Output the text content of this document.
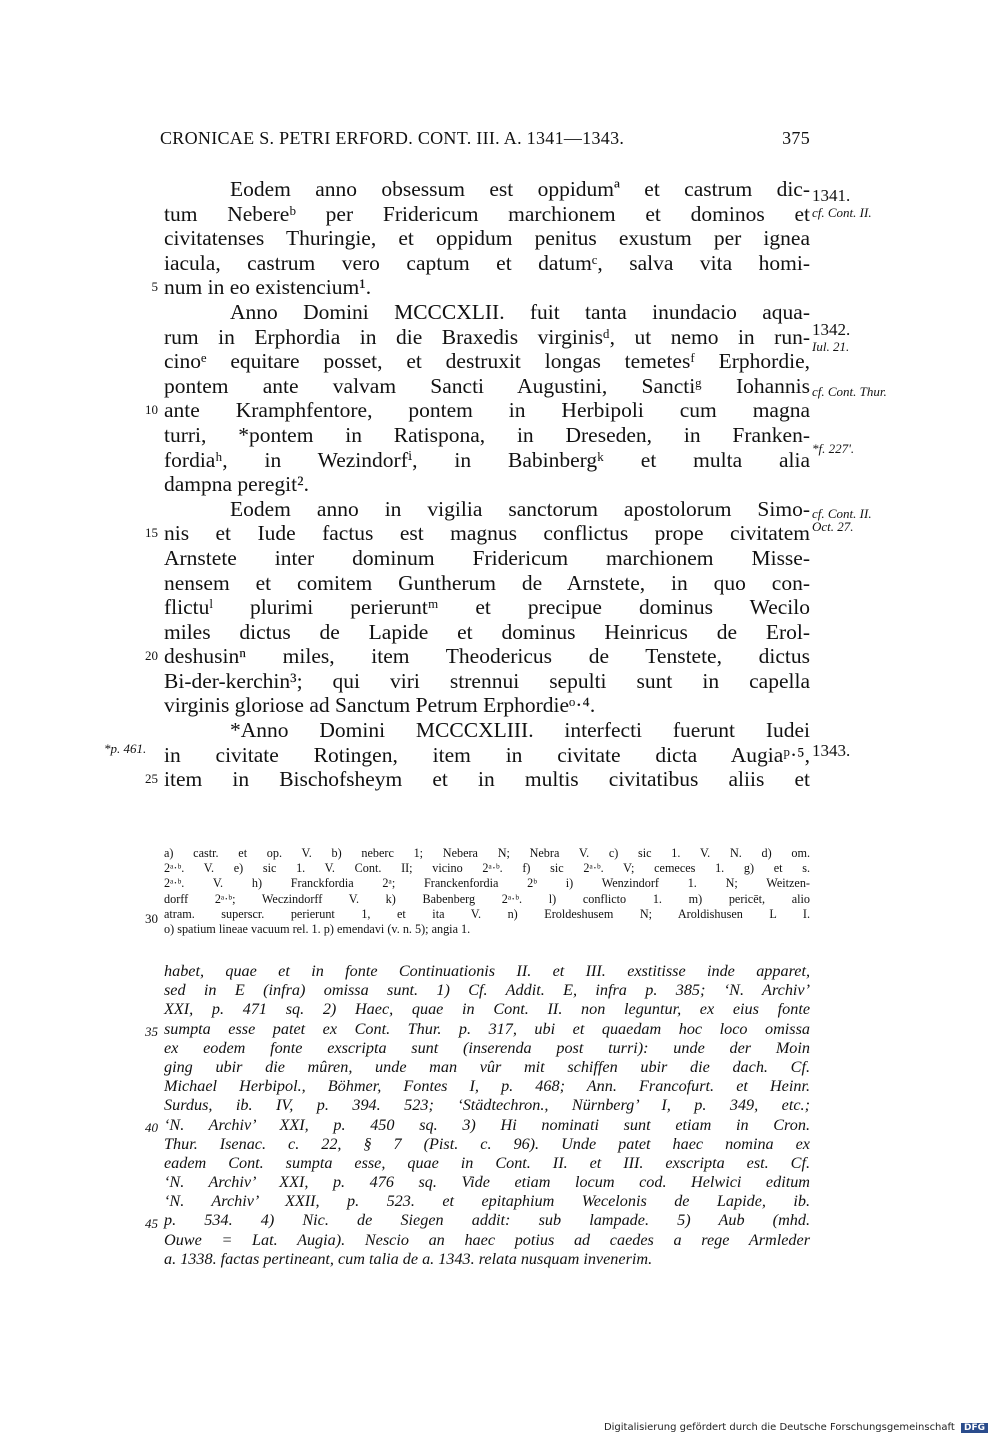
CRONICAE S. PETRI ERFORD. CONT. III. A. 1341—1343.	375
Eodem anno obsessum est oppidumª et castrum dic-
tum Nebereᵇ per Fridericum marchionem et dominos et
civitatenses Thuringie, et oppidum penitus exustum per ignea
iacula, castrum vero captum et datumᶜ, salva vita homi-
num in eo existencium¹.
5
Anno Domini MCCCXLII. fuit tanta inundacio aqua-
rum in Erphordia in die Braxedis virginisᵈ, ut nemo in run-
cinoᵉ equitare posset, et destruxit longas temetesᶠ Erphordie,
pontem ante valvam Sancti Augustini, Sanctiᵍ Iohannis
ante Kramphfentore, pontem in Herbipoli cum magna
10
turri, *pontem in Ratispona, in Dreseden, in Franken-
fordiaʰ, in Wezindorfⁱ, in Babinbergᵏ et multa alia
dampna peregit².
Eodem anno in vigilia sanctorum apostolorum Simo-
nis et Iude factus est magnus conflictus prope civitatem
15
Arnstete inter dominum Fridericum marchionem Misse-
nensem et comitem Guntherum de Arnstete, in quo con-
flictuˡ plurimi perieruntᵐ et precipue dominus Wecilo
miles dictus de Lapide et dominus Heinricus de Erol-
deshusinⁿ miles, item Theodericus de Tenstete, dictus
20
Bi-der-kerchin³; qui viri strennui sepulti sunt in capella
virginis gloriose ad Sanctum Petrum Erphordieᵒ·⁴.
*Anno Domini MCCCXLIII. interfecti fuerunt Iudei
in civitate Rotingen, item in civitate dicta Augiaᵖ·⁵,
item in Bischofsheym et in multis civitatibus aliis et
25
*p. 461.
1341.
cf. Cont. II.
1342.
Iul. 21.
cf. Cont. Thur.
*f. 227'.
cf. Cont. II. Oct. 27.
1343.
a) castr. et op. V. b) neberc 1; Nebera N; Nebra V. c) sic 1. V. N. d) om.
2ᵃ·ᵇ. V. e) sic 1. V. Cont. II; vicino 2ᵃ·ᵇ. f) sic 2ᵃ·ᵇ. V; cemeces 1. g) et s.
2ᵃ·ᵇ. V. h) Franckfordia 2ᵃ; Franckenfordia 2ᵇ i) Wenzindorf 1. N; Weitzen-
dorff 2ᵃ·ᵇ; Weczindorff V. k) Babenberg 2ᵃ·ᵇ. l) conflicto 1. m) pericēt, alio
atram. superscr. perierunt 1, et ita V. n) Eroldeshusem N; Aroldishusen L I.
30
o) spatium lineae vacuum rel. 1. p) emendavi (v. n. 5); angia 1.
habet, quae et in fonte Continuationis II. et III. exstitisse inde apparet,
sed in E (infra) omissa sunt. 1) Cf. Addit. E, infra p. 385; ‘N. Archiv’
XXI, p. 471 sq. 2) Haec, quae in Cont. II. non leguntur, ex eius fonte
sumpta esse patet ex Cont. Thur. p. 317, ubi et quaedam hoc loco omissa
35
ex eodem fonte exscripta sunt (inserenda post turri): unde der Moin
ging ubir die mûren, unde man vûr mit schiffen ubir die dach. Cf.
Michael Herbipol., Böhmer, Fontes I, p. 468; Ann. Francofurt. et Heinr.
Surdus, ib. IV, p. 394. 523; ‘Städtechron., Nürnberg’ I, p. 349, etc.;
‘N. Archiv’ XXI, p. 450 sq. 3) Hi nominati sunt etiam in Cron.
40
Thur. Isenac. c. 22, § 7 (Pist. c. 96). Unde patet haec nomina ex
eadem Cont. sumpta esse, quae in Cont. II. et III. exscripta est. Cf.
‘N. Archiv’ XXI, p. 476 sq. Vide etiam locum cod. Helwici editum
‘N. Archiv’ XXII, p. 523. et epitaphium Wecelonis de Lapide, ib.
p. 534. 4) Nic. de Siegen addit: sub lampade. 5) Aub (mhd.
45
Ouwe = Lat. Augia). Nescio an haec potius ad caedes a rege Armleder
a. 1338. factas pertineant, cum talia de a. 1343. relata nusquam invenerim.
Digitalisierung gefördert durch die Deutsche Forschungsgemeinschaft DFG
